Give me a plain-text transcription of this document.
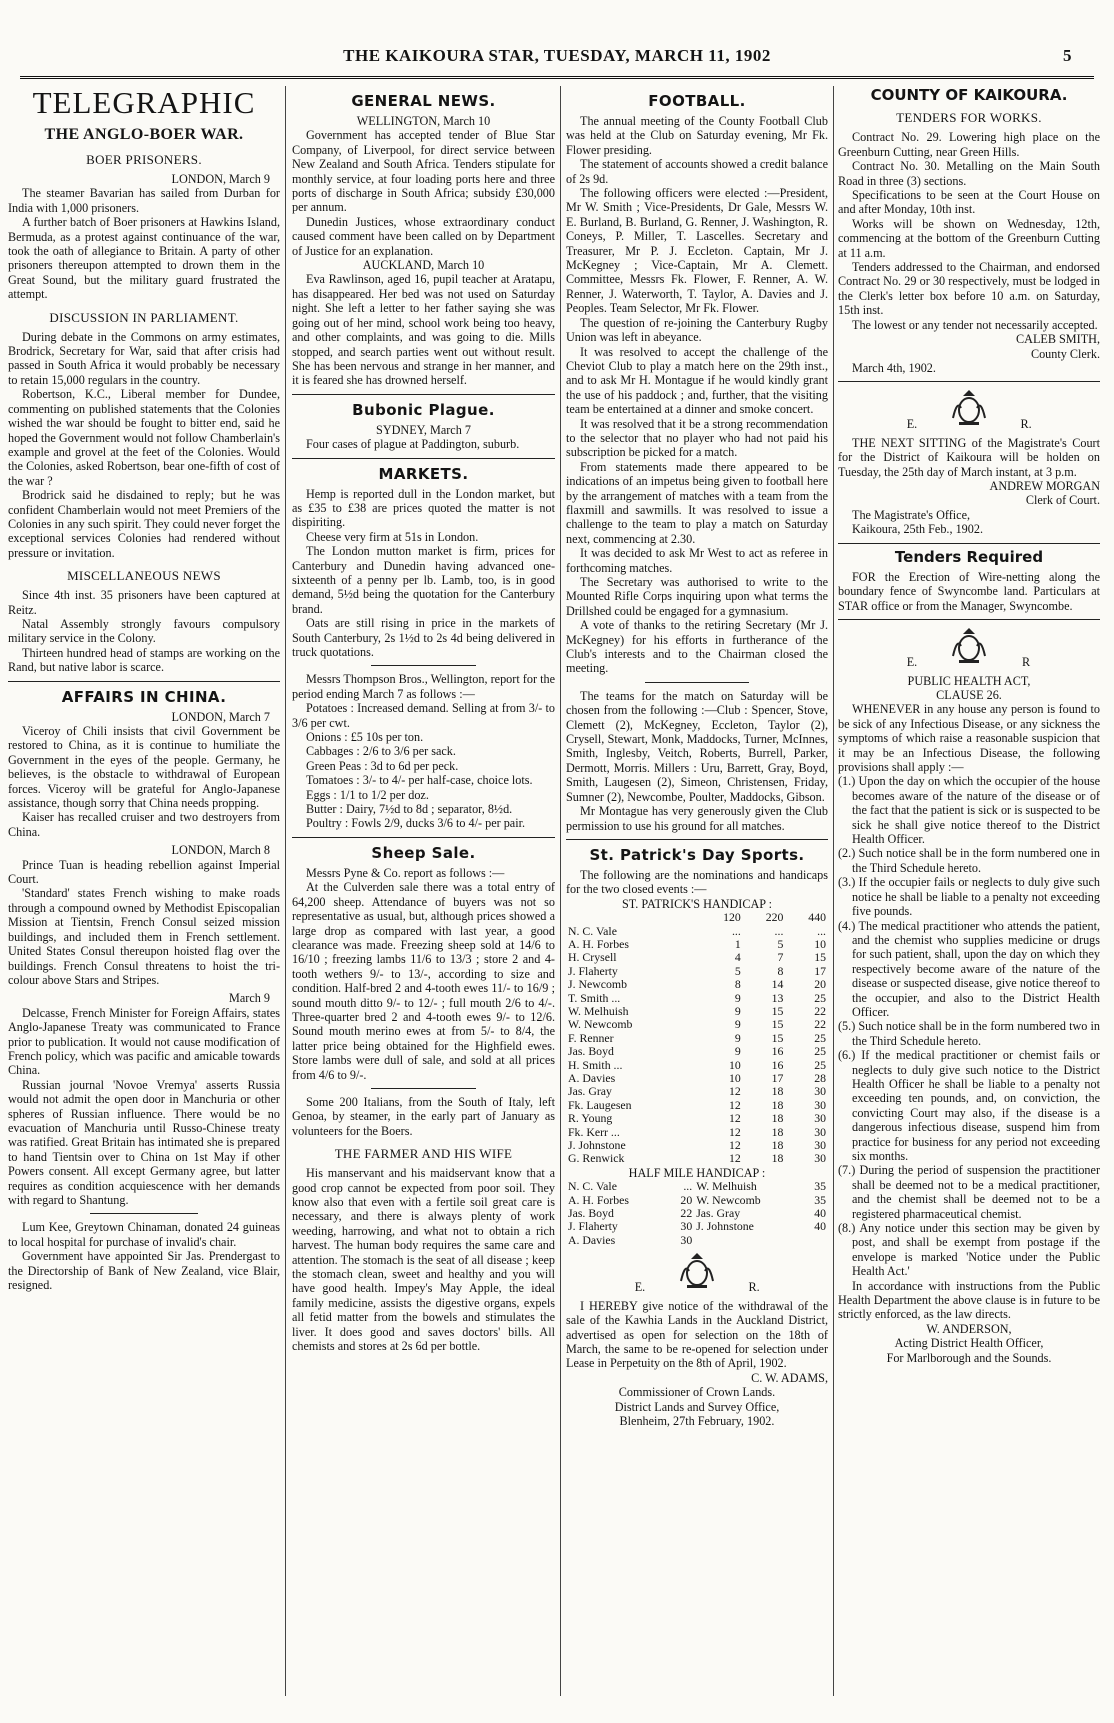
THE KAIKOURA STAR, TUESDAY, MARCH 11, 1902	5
TELEGRAPHIC
THE ANGLO-BOER WAR.
BOER PRISONERS.

LONDON, March 9

The steamer Bavarian has sailed from Durban for India with 1,000 prisoners.

A further batch of Boer prisoners at Hawkins Island, Bermuda, as a protest against continuance of the war, took the oath of allegiance to Britain. A party of other prisoners thereupon attempted to drown them in the Great Sound, but the military guard frustrated the attempt.

DISCUSSION IN PARLIAMENT.

During debate in the Commons on army estimates, Brodrick, Secretary for War, said that after crisis had passed in South Africa it would probably be necessary to retain 15,000 regulars in the country.

Robertson, K.C., Liberal member for Dundee, commenting on published statements that the Colonies wished the war should be fought to bitter end, said he hoped the Government would not follow Chamberlain's example and grovel at the feet of the Colonies. Would the Colonies, asked Robertson, bear one-fifth of cost of the war ?

Brodrick said he disdained to reply; but he was confident Chamberlain would not meet Premiers of the Colonies in any such spirit. They could never forget the exceptional services Colonies had rendered without pressure or invitation.

MISCELLANEOUS NEWS

Since 4th inst. 35 prisoners have been captured at Reitz.

Natal Assembly strongly favours compulsory military service in the Colony.

Thirteen hundred head of stamps are working on the Rand, but native labor is scarce.

AFFAIRS IN CHINA.

LONDON, March 7

Viceroy of Chili insists that civil Government be restored to China, as it is continue to humiliate the Government in the eyes of the people. Germany, he believes, is the obstacle to withdrawal of European forces. Viceroy will be grateful for Anglo-Japanese assistance, though sorry that China needs propping.

Kaiser has recalled cruiser and two destroyers from China.

LONDON, March 8

Prince Tuan is heading rebellion against Imperial Court.

'Standard' states French wishing to make roads through a compound owned by Methodist Episcopalian Mission at Tientsin, French Consul seized mission buildings, and included them in French settlement. United States Consul thereupon hoisted flag over the buildings. French Consul threatens to hoist the tri-colour above Stars and Stripes.

March 9

Delcasse, French Minister for Foreign Affairs, states Anglo-Japanese Treaty was communicated to France prior to publication. It would not cause modification of French policy, which was pacific and amicable towards China.

Russian journal 'Novoe Vremya' asserts Russia would not admit the open door in Manchuria or other spheres of Russian influence. There would be no evacuation of Manchuria until Russo-Chinese treaty was ratified. Great Britain has intimated she is prepared to hand Tientsin over to China on 1st May if other Powers consent. All except Germany agree, but latter requires as condition acquiescence with her demands with regard to Shantung.

Lum Kee, Greytown Chinaman, donated 24 guineas to local hospital for purchase of invalid's chair.

Government have appointed Sir Jas. Prendergast to the Directorship of Bank of New Zealand, vice Blair, resigned.

GENERAL NEWS.

WELLINGTON, March 10

Government has accepted tender of Blue Star Company, of Liverpool, for direct service between New Zealand and South Africa. Tenders stipulate for monthly service, at four loading ports here and three ports of discharge in South Africa; subsidy £30,000 per annum.

Dunedin Justices, whose extraordinary conduct caused comment have been called on by Department of Justice for an explanation.

AUCKLAND, March 10

Eva Rawlinson, aged 16, pupil teacher at Aratapu, has disappeared. Her bed was not used on Saturday night. She left a letter to her father saying she was going out of her mind, school work being too heavy, and other complaints, and was going to die. Mills stopped, and search parties went out without result. She has been nervous and strange in her manner, and it is feared she has drowned herself.

Bubonic Plague.

SYDNEY, March 7

Four cases of plague at Paddington, suburb.

MARKETS.

Hemp is reported dull in the London market, but as £35 to £38 are prices quoted the matter is not dispiriting.

Cheese very firm at 51s in London.

The London mutton market is firm, prices for Canterbury and Dunedin having advanced one-sixteenth of a penny per lb. Lamb, too, is in good demand, 5½d being the quotation for the Canterbury brand.

Oats are still rising in price in the markets of South Canterbury, 2s 1½d to 2s 4d being delivered in truck quotations.

Messrs Thompson Bros., Wellington, report for the period ending March 7 as follows :—

Potatoes : Increased demand. Selling at from 3/- to 3/6 per cwt.

Onions : £5 10s per ton.

Cabbages : 2/6 to 3/6 per sack.

Green Peas : 3d to 6d per peck.

Tomatoes : 3/- to 4/- per half-case, choice lots.

Eggs : 1/1 to 1/2 per doz.

Butter : Dairy, 7½d to 8d ; separator, 8½d.

Poultry : Fowls 2/9, ducks 3/6 to 4/- per pair.

Sheep Sale.

Messrs Pyne & Co. report as follows :—

At the Culverden sale there was a total entry of 64,200 sheep. Attendance of buyers was not so representative as usual, but, although prices showed a large drop as compared with last year, a good clearance was made. Freezing sheep sold at 14/6 to 16/10 ; freezing lambs 11/6 to 13/3 ; store 2 and 4-tooth wethers 9/- to 13/-, according to size and condition. Half-bred 2 and 4-tooth ewes 11/- to 16/9 ; sound mouth ditto 9/- to 12/- ; full mouth 2/6 to 4/-. Three-quarter bred 2 and 4-tooth ewes 9/- to 12/6. Sound mouth merino ewes at from 5/- to 8/4, the latter price being obtained for the Highfield ewes. Store lambs were dull of sale, and sold at all prices from 4/6 to 9/-.

Some 200 Italians, from the South of Italy, left Genoa, by steamer, in the early part of January as volunteers for the Boers.

THE FARMER AND HIS WIFE

His manservant and his maidservant know that a good crop cannot be expected from poor soil. They know also that even with a fertile soil great care is necessary, and there is always plenty of work weeding, harrowing, and what not to obtain a rich harvest. The human body requires the same care and attention. The stomach is the seat of all disease ; keep the stomach clean, sweet and healthy and you will have good health. Impey's May Apple, the ideal family medicine, assists the digestive organs, expels all fetid matter from the bowels and stimulates the liver. It does good and saves doctors' bills. All chemists and stores at 2s 6d per bottle.

FOOTBALL.

The annual meeting of the County Football Club was held at the Club on Saturday evening, Mr Fk. Flower presiding.

The statement of accounts showed a credit balance of 2s 9d.

The following officers were elected :—President, Mr W. Smith ; Vice-Presidents, Dr Gale, Messrs W. E. Burland, B. Burland, G. Renner, J. Washington, R. Coneys, P. Miller, T. Lascelles. Secretary and Treasurer, Mr P. J. Eccleton. Captain, Mr J. McKegney ; Vice-Captain, Mr A. Clemett. Committee, Messrs Fk. Flower, F. Renner, A. W. Renner, J. Waterworth, T. Taylor, A. Davies and J. Peoples. Team Selector, Mr Fk. Flower.

The question of re-joining the Canterbury Rugby Union was left in abeyance.

It was resolved to accept the challenge of the Cheviot Club to play a match here on the 29th inst., and to ask Mr H. Montague if he would kindly grant the use of his paddock ; and, further, that the visiting team be entertained at a dinner and smoke concert.

It was resolved that it be a strong recommendation to the selector that no player who had not paid his subscription be picked for a match.

From statements made there appeared to be indications of an impetus being given to football here by the arrangement of matches with a team from the flaxmill and sawmills. It was resolved to issue a challenge to the team to play a match on Saturday next, commencing at 2.30.

It was decided to ask Mr West to act as referee in forthcoming matches.

The Secretary was authorised to write to the Mounted Rifle Corps inquiring upon what terms the Drillshed could be engaged for a gymnasium.

A vote of thanks to the retiring Secretary (Mr J. McKegney) for his efforts in furtherance of the Club's interests and to the Chairman closed the meeting.

The teams for the match on Saturday will be chosen from the following :—Club : Spencer, Stove, Clemett (2), McKegney, Eccleton, Taylor (2), Crysell, Stewart, Monk, Maddocks, Turner, McInnes, Smith, Inglesby, Veitch, Roberts, Burrell, Parker, Dermott, Morris. Millers : Uru, Barrett, Gray, Boyd, Smith, Laugesen (2), Simeon, Christensen, Friday, Sumner (2), Newcombe, Poulter, Maddocks, Gibson.

Mr Montague has very generously given the Club permission to use his ground for all matches.

St. Patrick's Day Sports.

The following are the nominations and handicaps for the two closed events :—

ST. PATRICK'S HANDICAP :

	120	220	440
N. C. Vale	...	...	...
A. H. Forbes	1	5	10
H. Crysell	4	7	15
J. Flaherty	5	8	17
J. Newcomb	8	14	20
T. Smith ...	9	13	25
W. Melhuish	9	15	22
W. Newcomb	9	15	22
F. Renner	9	15	25
Jas. Boyd	9	16	25
H. Smith ...	10	16	25
A. Davies	10	17	28
Jas. Gray	12	18	30
Fk. Laugesen	12	18	30
R. Young	12	18	30
Fk. Kerr ...	12	18	30
J. Johnstone	12	18	30
G. Renwick	12	18	30

HALF MILE HANDICAP :

N. C. Vale	...	W. Melhuish	35
A. H. Forbes	20	W. Newcomb	35
Jas. Boyd	22	Jas. Gray	40
J. Flaherty	30	J. Johnstone	40
A. Davies	30		
E.	R.

I HEREBY give notice of the withdrawal of the sale of the Kawhia Lands in the Auckland District, advertised as open for selection on the 18th of March, the same to be re-opened for selection under Lease in Perpetuity on the 8th of April, 1902.

C. W. ADAMS,

Commissioner of Crown Lands.

District Lands and Survey Office,

Blenheim, 27th February, 1902.

COUNTY OF KAIKOURA.
TENDERS FOR WORKS.

Contract No. 29. Lowering high place on the Greenburn Cutting, near Green Hills.

Contract No. 30. Metalling on the Main South Road in three (3) sections.

Specifications to be seen at the Court House on and after Monday, 10th inst.

Works will be shown on Wednesday, 12th, commencing at the bottom of the Greenburn Cutting at 11 a.m.

Tenders addressed to the Chairman, and endorsed Contract No. 29 or 30 respectively, must be lodged in the Clerk's letter box before 10 a.m. on Saturday, 15th inst.

The lowest or any tender not necessarily accepted.

CALEB SMITH,

County Clerk.

March 4th, 1902.

E.	R.

THE NEXT SITTING of the Magistrate's Court for the District of Kaikoura will be holden on Tuesday, the 25th day of March instant, at 3 p.m.

ANDREW MORGAN

Clerk of Court.

The Magistrate's Office,

Kaikoura, 25th Feb., 1902.

Tenders Required

FOR the Erection of Wire-netting along the boundary fence of Swyncombe land. Particulars at STAR office or from the Manager, Swyncombe.

E.	R

PUBLIC HEALTH ACT,

CLAUSE 26.

WHENEVER in any house any person is found to be sick of any Infectious Disease, or any sickness the symptoms of which raise a reasonable suspicion that it may be an Infectious Disease, the following provisions shall apply :—

(1.) Upon the day on which the occupier of the house becomes aware of the nature of the disease or of the fact that the patient is sick or is suspected to be sick he shall give notice thereof to the District Health Officer.

(2.) Such notice shall be in the form numbered one in the Third Schedule hereto.

(3.) If the occupier fails or neglects to duly give such notice he shall be liable to a penalty not exceeding five pounds.

(4.) The medical practitioner who attends the patient, and the chemist who supplies medicine or drugs for such patient, shall, upon the day on which they respectively become aware of the nature of the disease or suspected disease, give notice thereof to the occupier, and also to the District Health Officer.

(5.) Such notice shall be in the form numbered two in the Third Schedule hereto.

(6.) If the medical practitioner or chemist fails or neglects to duly give such notice to the District Health Officer he shall be liable to a penalty not exceeding ten pounds, and, on conviction, the convicting Court may also, if the disease is a dangerous infectious disease, suspend him from practice for business for any period not exceeding six months.

(7.) During the period of suspension the practitioner shall be deemed not to be a medical practitioner, and the chemist shall be deemed not to be a registered pharmaceutical chemist.

(8.) Any notice under this section may be given by post, and shall be exempt from postage if the envelope is marked 'Notice under the Public Health Act.'

In accordance with instructions from the Public Health Department the above clause is in future to be strictly enforced, as the law directs.

W. ANDERSON,

Acting District Health Officer,

For Marlborough and the Sounds.
